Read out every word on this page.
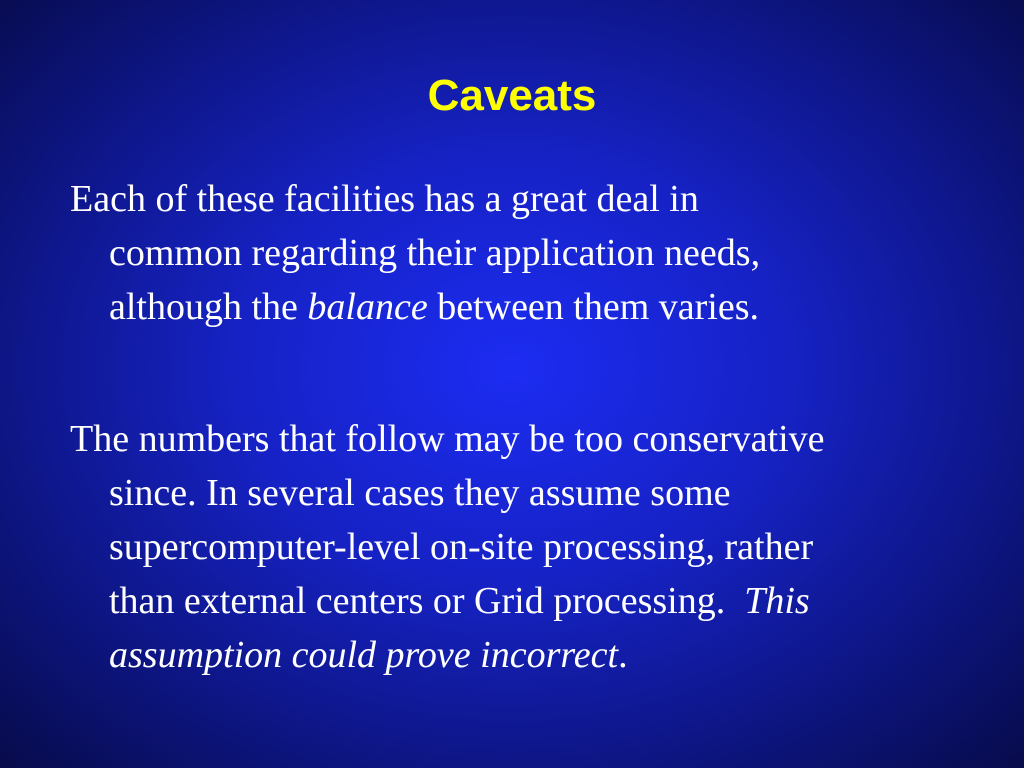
Caveats
Each of these facilities has a great deal in
common regarding their application needs,
although the balance between them varies.
The numbers that follow may be too conservative
since. In several cases they assume some
supercomputer-level on-site processing, rather
than external centers or Grid processing.  This
assumption could prove incorrect.
